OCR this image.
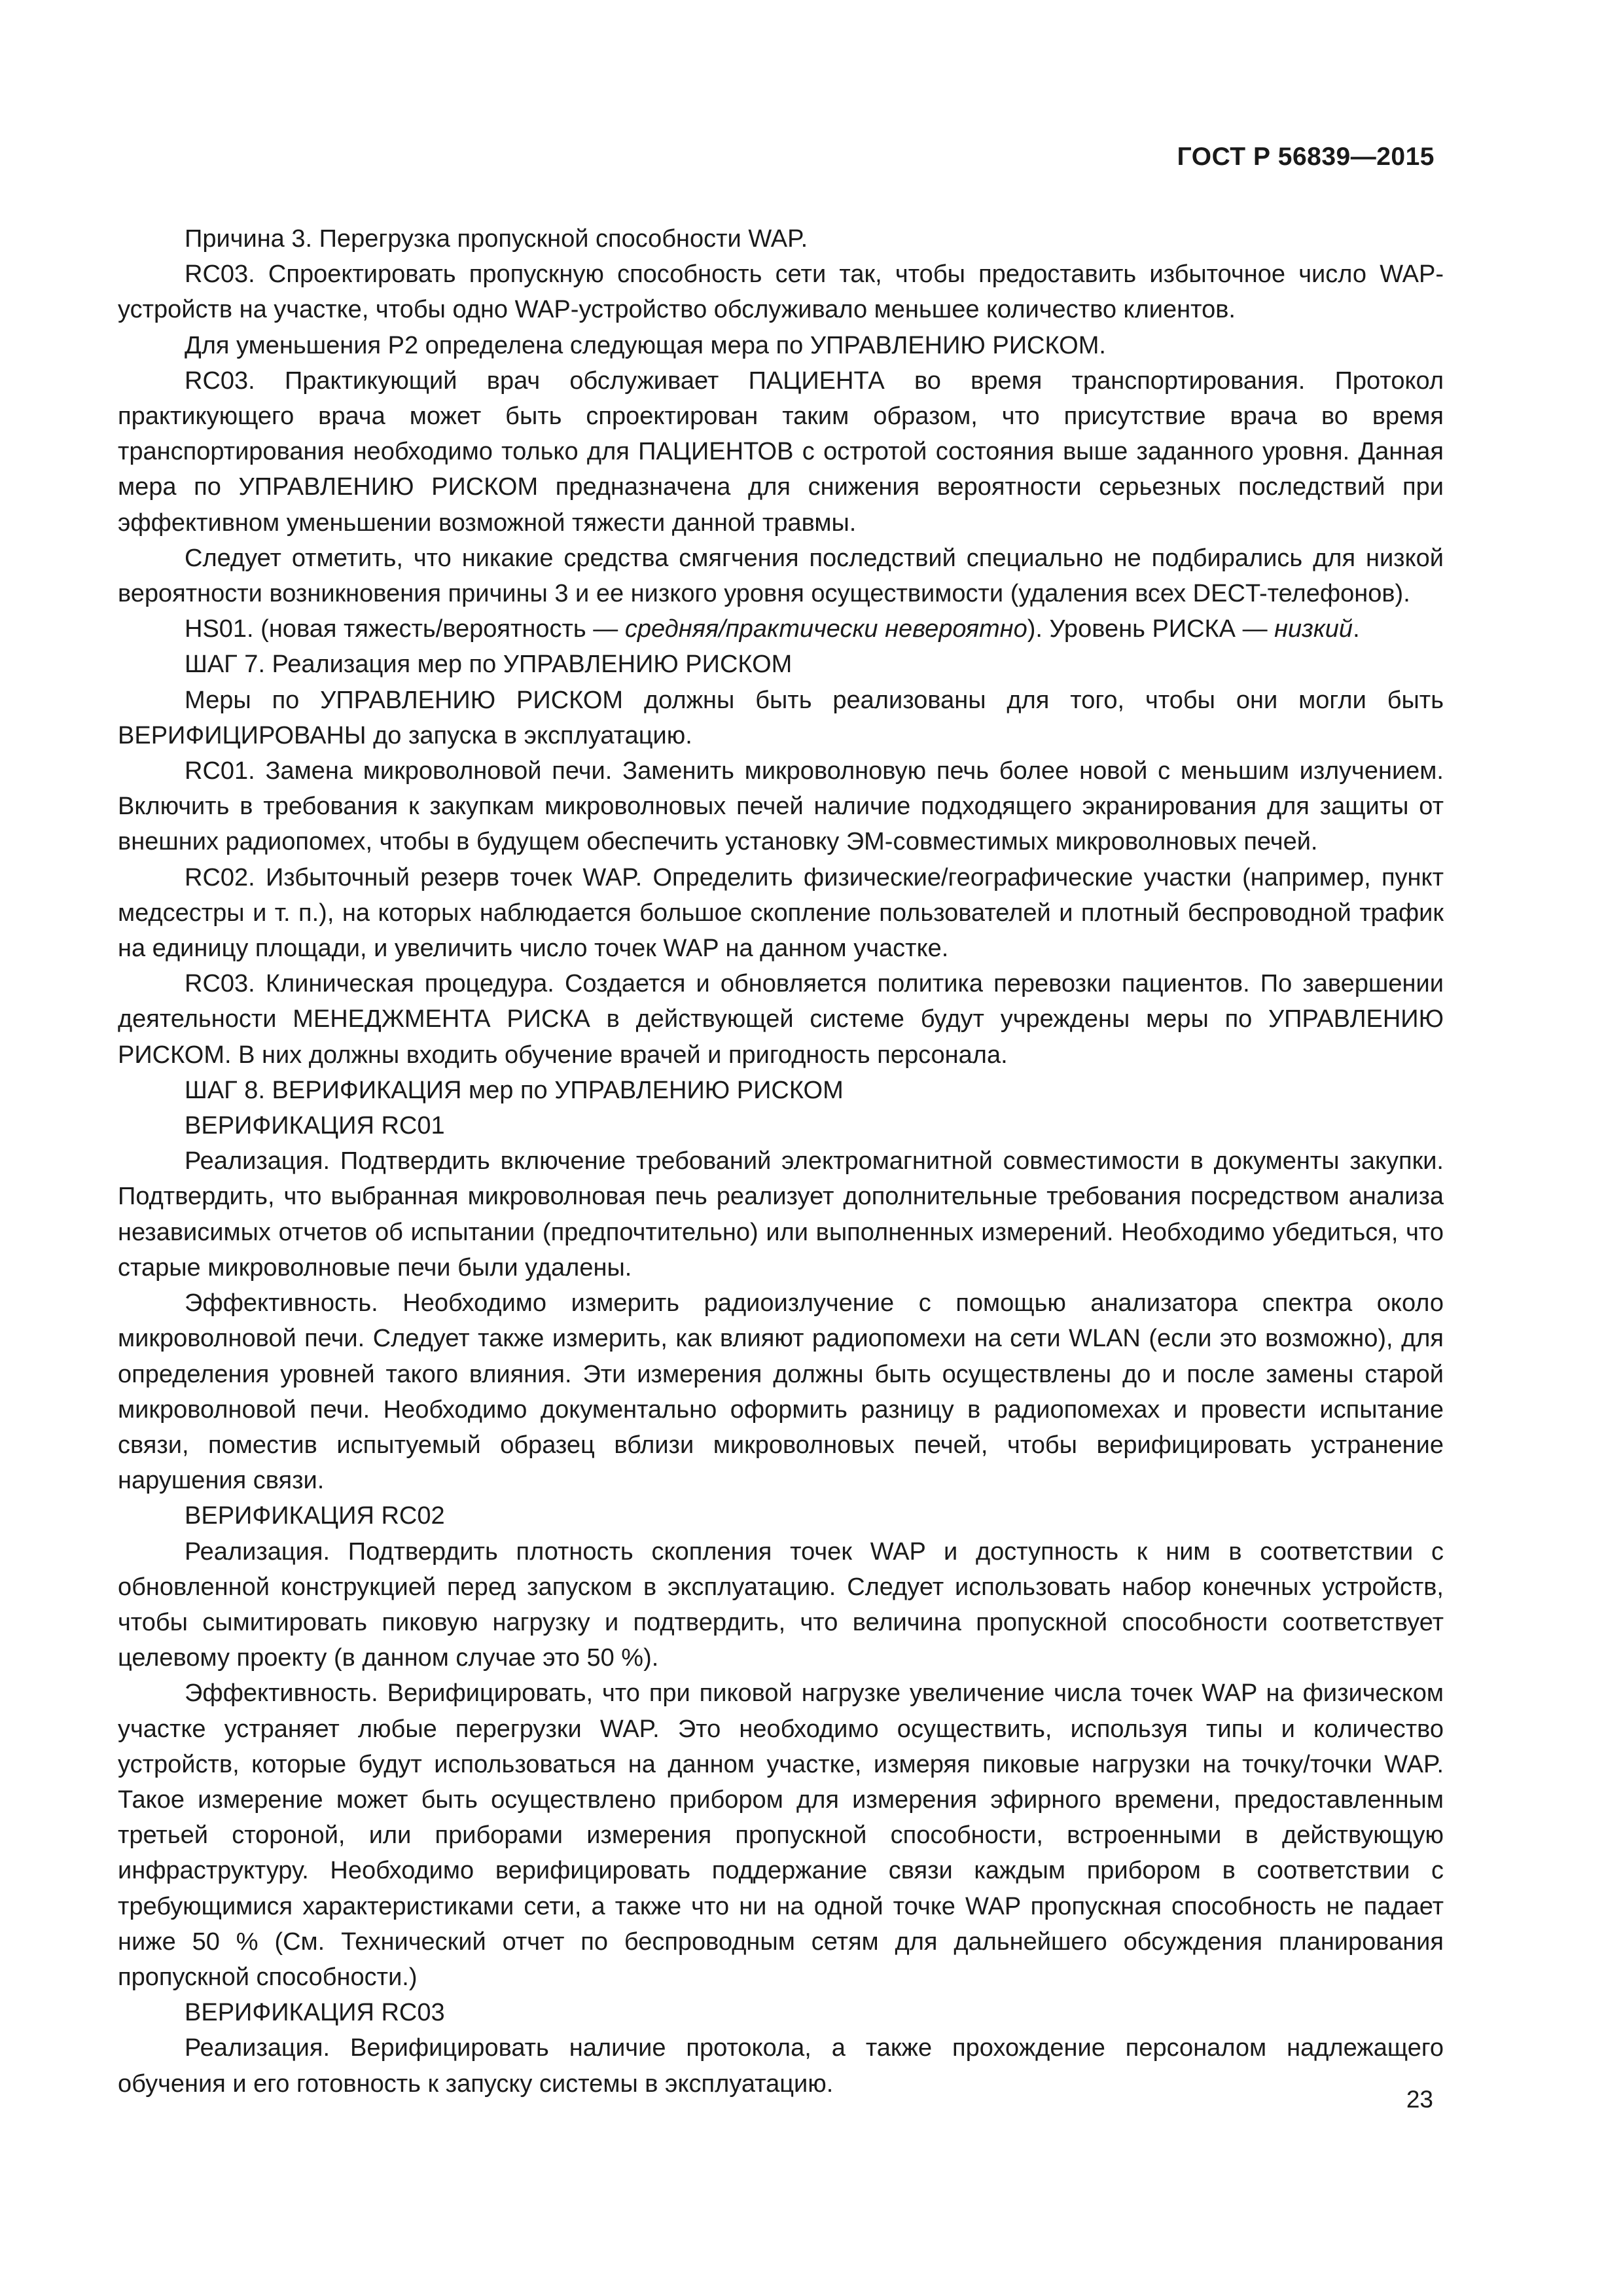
ГОСТ Р 56839—2015

Причина 3. Перегрузка пропускной способности WAP.

RC03. Спроектировать пропускную способность сети так, чтобы предоставить избыточное число WAP-устройств на участке, чтобы одно WAP-устройство обслуживало меньшее количество клиентов.

Для уменьшения P2 определена следующая мера по УПРАВЛЕНИЮ РИСКОМ.

RC03. Практикующий врач обслуживает ПАЦИЕНТА во время транспортирования. Протокол практикующего врача может быть спроектирован таким образом, что присутствие врача во время транспортирования необходимо только для ПАЦИЕНТОВ с остротой состояния выше заданного уровня. Данная мера по УПРАВЛЕНИЮ РИСКОМ предназначена для снижения вероятности серьезных последствий при эффективном уменьшении возможной тяжести данной травмы.

Следует отметить, что никакие средства смягчения последствий специально не подбирались для низкой вероятности возникновения причины 3 и ее низкого уровня осуществимости (удаления всех DECT-телефонов).

HS01. (новая тяжесть/вероятность — средняя/практически невероятно). Уровень РИСКА — низкий.

ШАГ 7. Реализация мер по УПРАВЛЕНИЮ РИСКОМ

Меры по УПРАВЛЕНИЮ РИСКОМ должны быть реализованы для того, чтобы они могли быть ВЕРИФИЦИРОВАНЫ до запуска в эксплуатацию.

RC01. Замена микроволновой печи. Заменить микроволновую печь более новой с меньшим излучением. Включить в требования к закупкам микроволновых печей наличие подходящего экранирования для защиты от внешних радиопомех, чтобы в будущем обеспечить установку ЭМ-совместимых микроволновых печей.

RC02. Избыточный резерв точек WAP. Определить физические/географические участки (например, пункт медсестры и т. п.), на которых наблюдается большое скопление пользователей и плотный беспроводной трафик на единицу площади, и увеличить число точек WAP на данном участке.

RC03. Клиническая процедура. Создается и обновляется политика перевозки пациентов. По завершении деятельности МЕНЕДЖМЕНТА РИСКА в действующей системе будут учреждены меры по УПРАВЛЕНИЮ РИСКОМ. В них должны входить обучение врачей и пригодность персонала.

ШАГ 8. ВЕРИФИКАЦИЯ мер по УПРАВЛЕНИЮ РИСКОМ

ВЕРИФИКАЦИЯ RC01

Реализация. Подтвердить включение требований электромагнитной совместимости в документы закупки. Подтвердить, что выбранная микроволновая печь реализует дополнительные требования посредством анализа независимых отчетов об испытании (предпочтительно) или выполненных измерений. Необходимо убедиться, что старые микроволновые печи были удалены.

Эффективность. Необходимо измерить радиоизлучение с помощью анализатора спектра около микроволновой печи. Следует также измерить, как влияют радиопомехи на сети WLAN (если это возможно), для определения уровней такого влияния. Эти измерения должны быть осуществлены до и после замены старой микроволновой печи. Необходимо документально оформить разницу в радиопомехах и провести испытание связи, поместив испытуемый образец вблизи микроволновых печей, чтобы верифицировать устранение нарушения связи.

ВЕРИФИКАЦИЯ RC02

Реализация. Подтвердить плотность скопления точек WAP и доступность к ним в соответствии с обновленной конструкцией перед запуском в эксплуатацию. Следует использовать набор конечных устройств, чтобы сымитировать пиковую нагрузку и подтвердить, что величина пропускной способности соответствует целевому проекту (в данном случае это 50 %).

Эффективность. Верифицировать, что при пиковой нагрузке увеличение числа точек WAP на физическом участке устраняет любые перегрузки WAP. Это необходимо осуществить, используя типы и количество устройств, которые будут использоваться на данном участке, измеряя пиковые нагрузки на точку/точки WAP. Такое измерение может быть осуществлено прибором для измерения эфирного времени, предоставленным третьей стороной, или приборами измерения пропускной способности, встроенными в действующую инфраструктуру. Необходимо верифицировать поддержание связи каждым прибором в соответствии с требующимися характеристиками сети, а также что ни на одной точке WAP пропускная способность не падает ниже 50 % (См. Технический отчет по беспроводным сетям для дальнейшего обсуждения планирования пропускной способности.)

ВЕРИФИКАЦИЯ RC03

Реализация. Верифицировать наличие протокола, а также прохождение персоналом надлежащего обучения и его готовность к запуску системы в эксплуатацию.

23
